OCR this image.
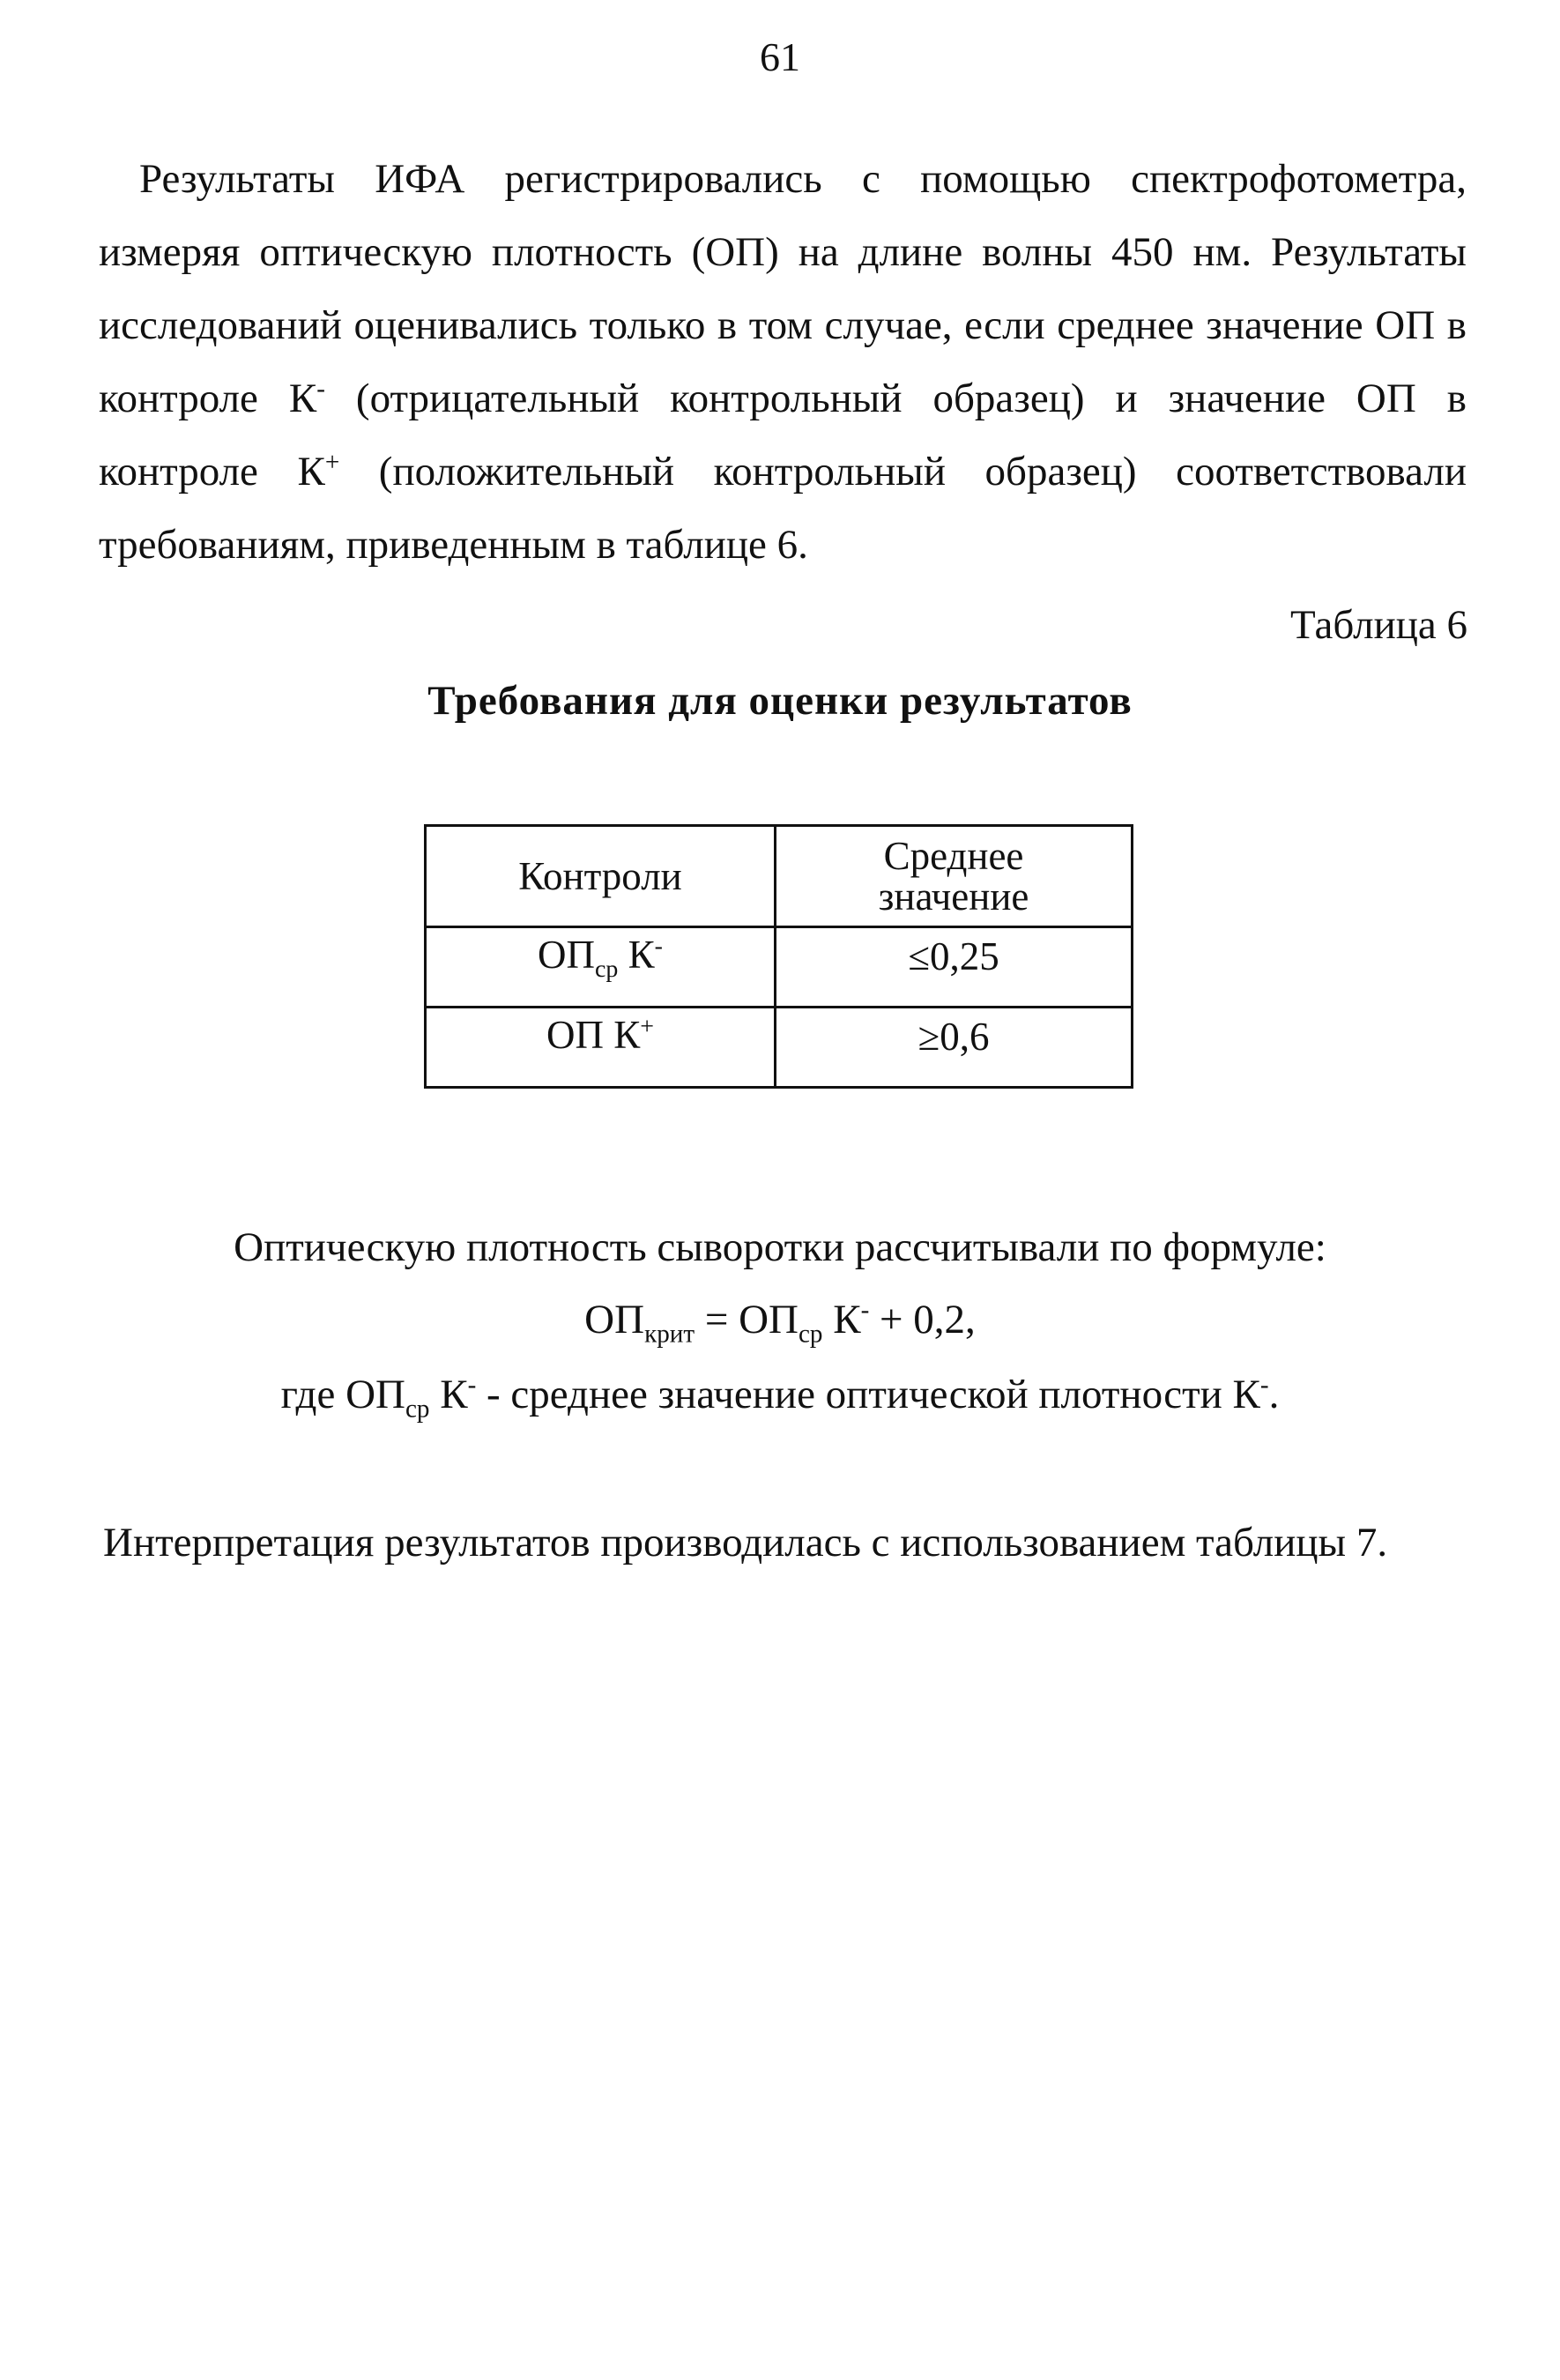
61
Результаты ИФА регистрировались с помощью спектрофотометра, измеряя оптическую плотность (ОП) на длине волны 450 нм. Результаты исследований оценивались только в том случае, если среднее значение ОП в контроле К- (отрицательный контрольный образец) и значение ОП в контроле К+ (положительный контрольный образец) соответствовали требованиям, приведенным в таблице 6.
Таблица 6
Требования для оценки результатов
Контроли	Среднее
значение
$ОП_{ср}$ К-	≤0,25
ОП К+	≥0,6
Оптическую плотность сыворотки рассчитывали по формуле:
$ОП_{крит} = ОП_{ср}$ К- + 0,2,
где $ОП_{ср}$ К- - среднее значение оптической плотности К-.
Интерпретация результатов производилась с использованием таблицы 7.
